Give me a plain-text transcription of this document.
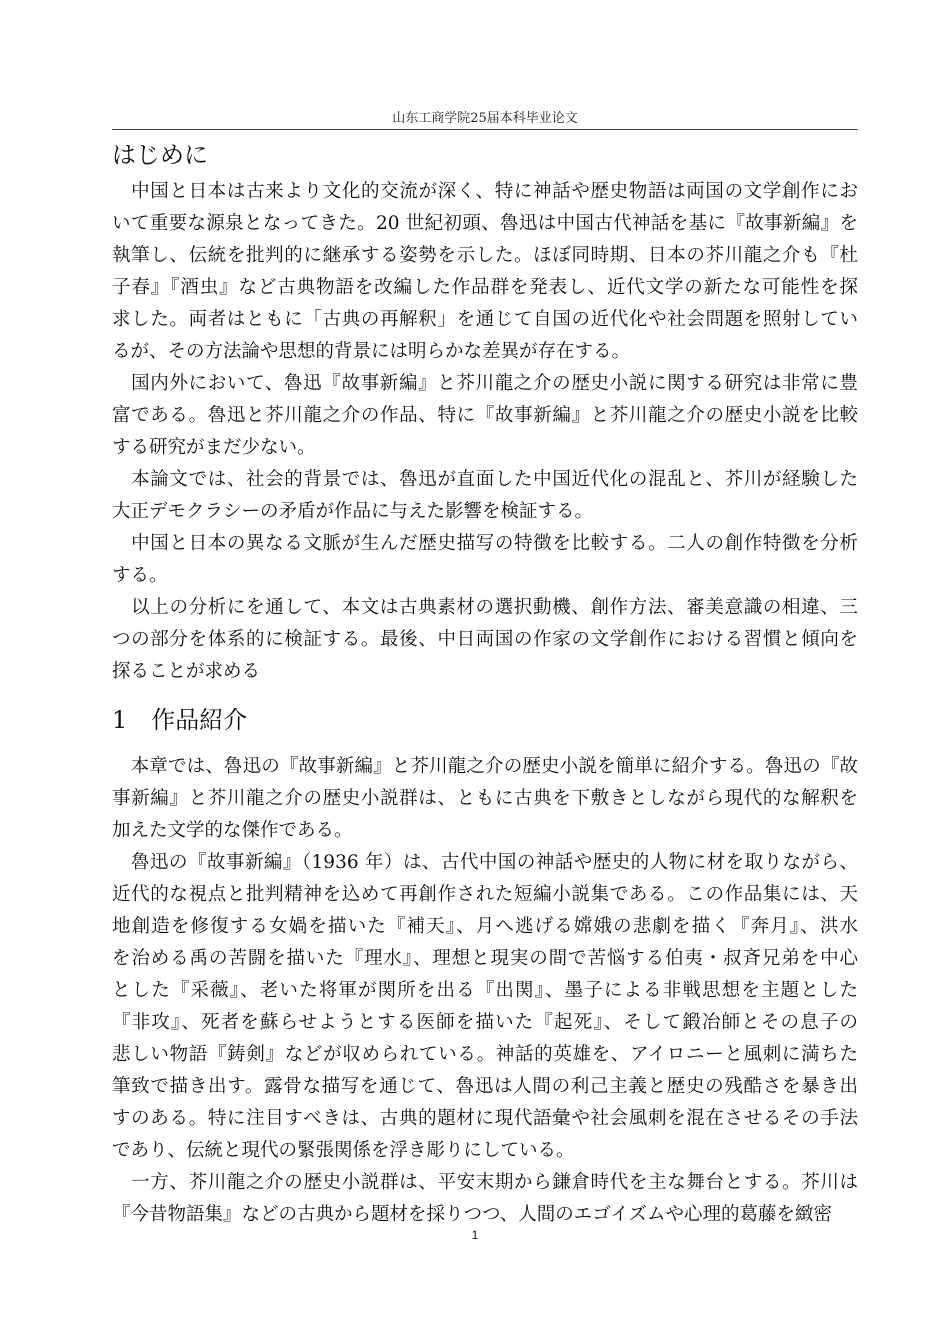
山东工商学院25届本科毕业论文
はじめに
　中国と日本は古来より文化的交流が深く、特に神話や歴史物語は両国の文学創作にお
いて重要な源泉となってきた。20 世紀初頭、魯迅は中国古代神話を基に『故事新編』を
執筆し、伝統を批判的に継承する姿勢を示した。ほぼ同時期、日本の芥川龍之介も『杜
子春』『酒虫』など古典物語を改編した作品群を発表し、近代文学の新たな可能性を探
求した。両者はともに「古典の再解釈」を通じて自国の近代化や社会問題を照射してい
るが、その方法論や思想的背景には明らかな差異が存在する。
　国内外において、魯迅『故事新編』と芥川龍之介の歴史小説に関する研究は非常に豊
富である。魯迅と芥川龍之介の作品、特に『故事新編』と芥川龍之介の歴史小説を比較
する研究がまだ少ない。
　本論文では、社会的背景では、魯迅が直面した中国近代化の混乱と、芥川が経験した
大正デモクラシーの矛盾が作品に与えた影響を検証する。
　中国と日本の異なる文脈が生んだ歴史描写の特徴を比較する。二人の創作特徴を分析
する。
　以上の分析にを通して、本文は古典素材の選択動機、創作方法、審美意識の相違、三
つの部分を体系的に検証する。最後、中日両国の作家の文学創作における習慣と傾向を
探ることが求める
1　作品紹介
　本章では、魯迅の『故事新編』と芥川龍之介の歴史小説を簡単に紹介する。魯迅の『故
事新編』と芥川龍之介の歴史小説群は、ともに古典を下敷きとしながら現代的な解釈を
加えた文学的な傑作である。
　魯迅の『故事新編』（1936 年）は、古代中国の神話や歴史的人物に材を取りながら、
近代的な視点と批判精神を込めて再創作された短編小説集である。この作品集には、天
地創造を修復する女媧を描いた『補天』、月へ逃げる嫦娥の悲劇を描く『奔月』、洪水
を治める禹の苦闘を描いた『理水』、理想と現実の間で苦悩する伯夷・叔斉兄弟を中心
とした『采薇』、老いた将軍が関所を出る『出関』、墨子による非戦思想を主題とした
『非攻』、死者を蘇らせようとする医師を描いた『起死』、そして鍛冶師とその息子の
悲しい物語『鋳剣』などが収められている。神話的英雄を、アイロニーと風刺に満ちた
筆致で描き出す。露骨な描写を通じて、魯迅は人間の利己主義と歴史の残酷さを暴き出
すのある。特に注目すべきは、古典的題材に現代語彙や社会風刺を混在させるその手法
であり、伝統と現代の緊張関係を浮き彫りにしている。
　一方、芥川龍之介の歴史小説群は、平安末期から鎌倉時代を主な舞台とする。芥川は
『今昔物語集』などの古典から題材を採りつつ、人間のエゴイズムや心理的葛藤を緻密
1
